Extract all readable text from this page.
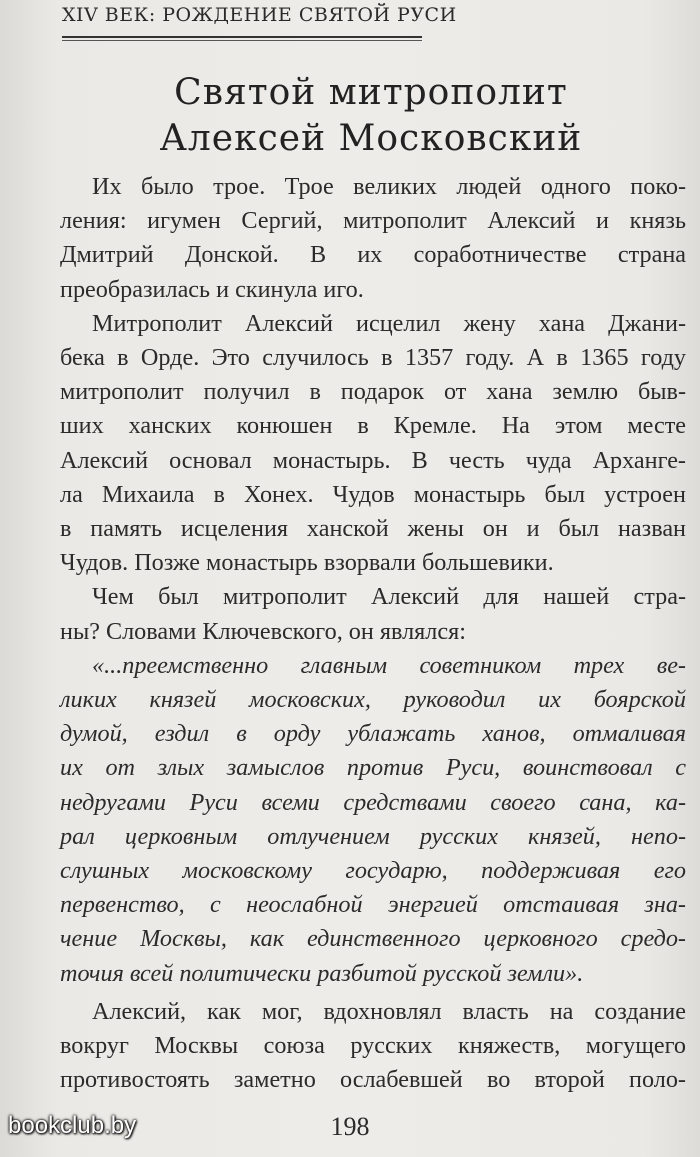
XIV ВЕК: РОЖДЕНИЕ СВЯТОЙ РУСИ
Святой митрополит
Алексей Московский
Их было трое. Трое великих людей одного поко-
ления: игумен Сергий, митрополит Алексий и князь
Дмитрий Донской. В их соработничестве страна
преобразилась и скинула иго.
Митрополит Алексий исцелил жену хана Джани-
бека в Орде. Это случилось в 1357 году. А в 1365 году
митрополит получил в подарок от хана землю быв-
ших ханских конюшен в Кремле. На этом месте
Алексий основал монастырь. В честь чуда Арханге-
ла Михаила в Хонех. Чудов монастырь был устроен
в память исцеления ханской жены он и был назван
Чудов. Позже монастырь взорвали большевики.
Чем был митрополит Алексий для нашей стра-
ны? Словами Ключевского, он являлся:
«...преемственно главным советником трех ве-
ликих князей московских, руководил их боярской
думой, ездил в орду ублажать ханов, отмаливая
их от злых замыслов против Руси, воинствовал с
недругами Руси всеми средствами своего сана, ка-
рал церковным отлучением русских князей, непо-
слушных московскому государю, поддерживая его
первенство, с неослабной энергией отстаивая зна-
чение Москвы, как единственного церковного средо-
точия всей политически разбитой русской земли».
Алексий, как мог, вдохновлял власть на создание
вокруг Москвы союза русских княжеств, могущего
противостоять заметно ослабевшей во второй поло-
198
bookclub.by
